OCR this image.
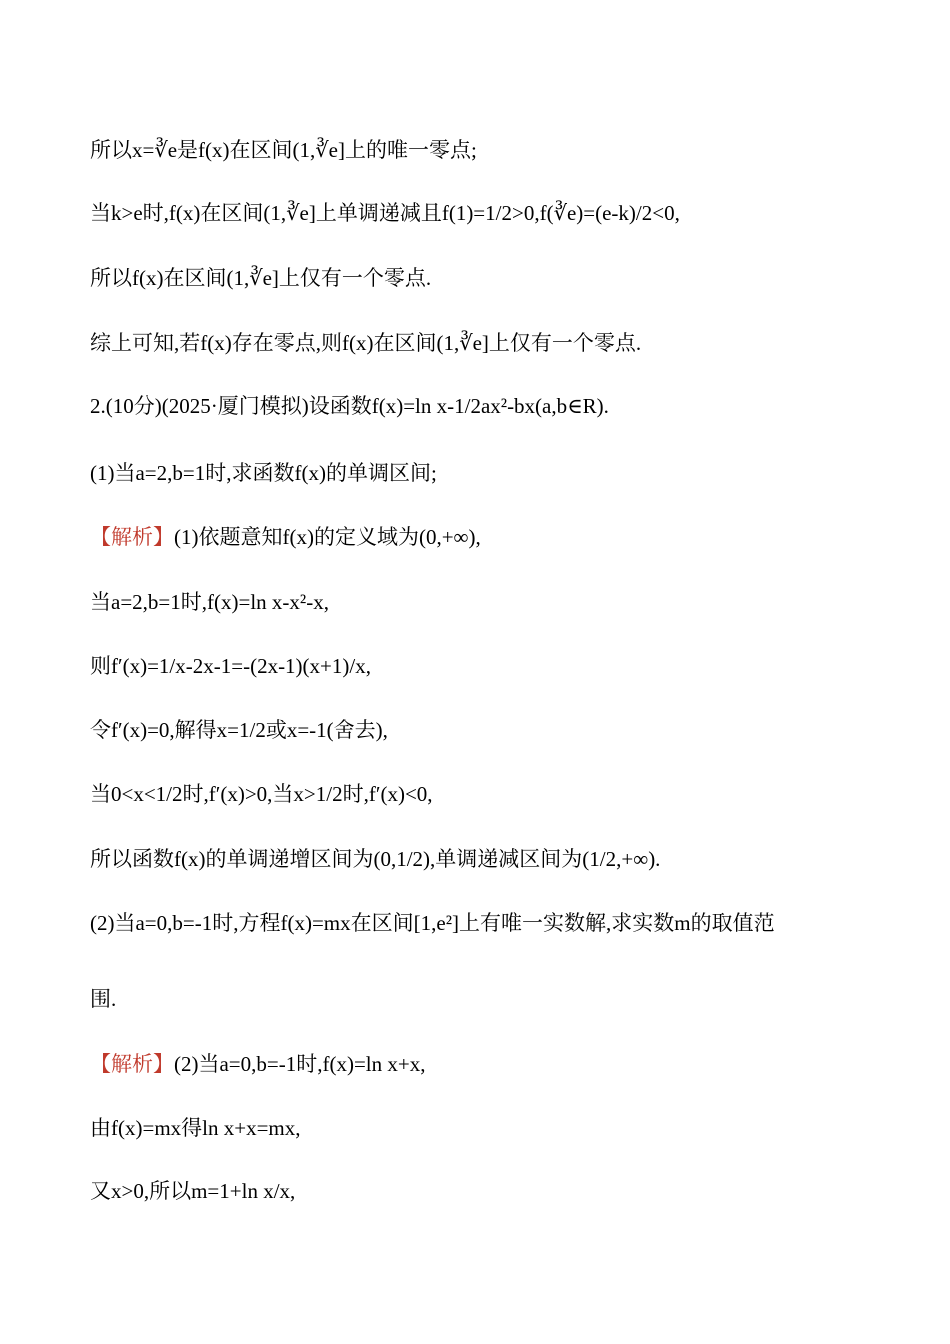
所以x=∛e是f(x)在区间(1,∛e]上的唯一零点;
当k>e时,f(x)在区间(1,∛e]上单调递减且f(1)=1/2>0,f(∛e)=(e-k)/2<0,
所以f(x)在区间(1,∛e]上仅有一个零点.
综上可知,若f(x)存在零点,则f(x)在区间(1,∛e]上仅有一个零点.
2.(10分)(2025·厦门模拟)设函数f(x)=ln x-1/2ax²-bx(a,b∈R).
(1)当a=2,b=1时,求函数f(x)的单调区间;
【解析】(1)依题意知f(x)的定义域为(0,+∞),
当a=2,b=1时,f(x)=ln x-x²-x,
则f′(x)=1/x-2x-1=-(2x-1)(x+1)/x,
令f′(x)=0,解得x=1/2或x=-1(舍去),
当0<x<1/2时,f′(x)>0,当x>1/2时,f′(x)<0,
所以函数f(x)的单调递增区间为(0,1/2),单调递减区间为(1/2,+∞).
(2)当a=0,b=-1时,方程f(x)=mx在区间[1,e²]上有唯一实数解,求实数m的取值范
围.
【解析】(2)当a=0,b=-1时,f(x)=ln x+x,
由f(x)=mx得ln x+x=mx,
又x>0,所以m=1+ln x/x,
